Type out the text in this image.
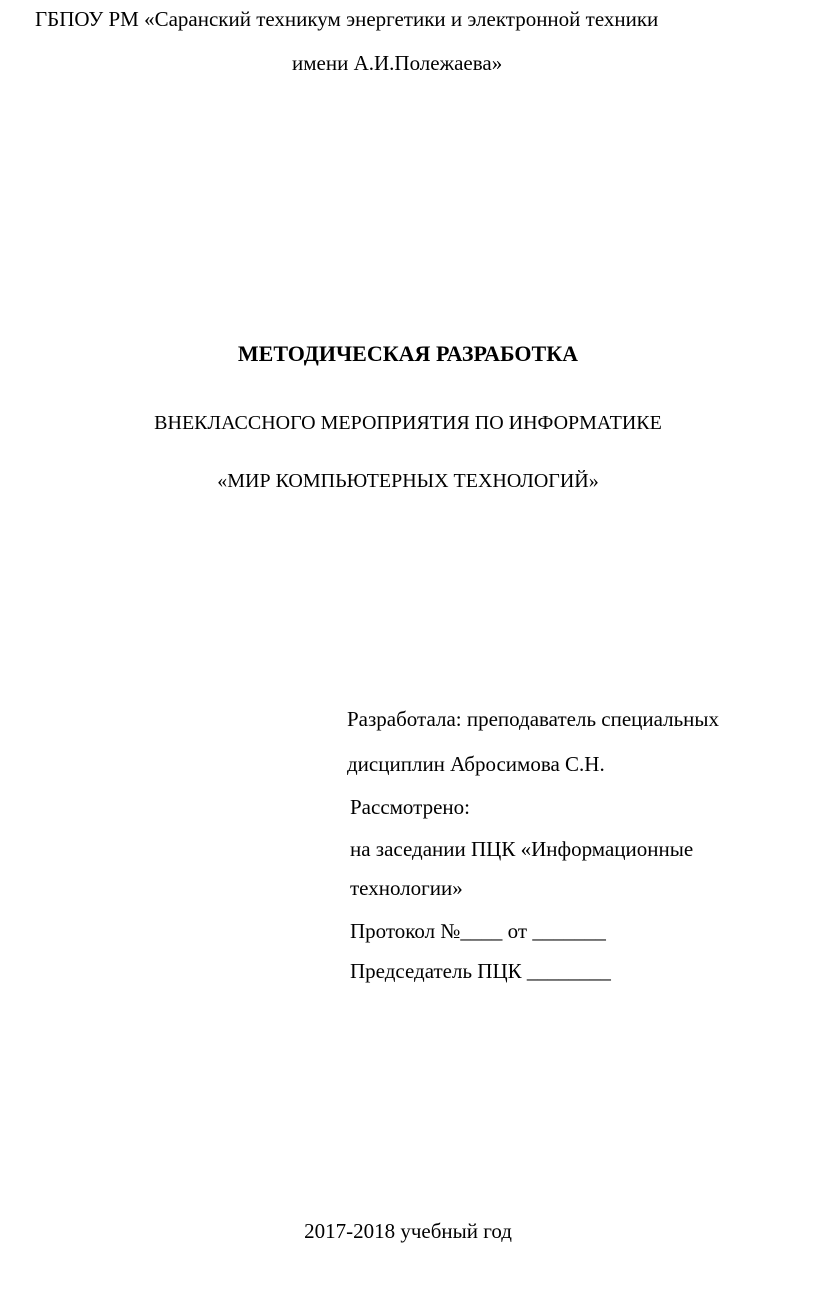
ГБПОУ РМ «Саранский техникум энергетики и электронной техники
имени А.И.Полежаева»
МЕТОДИЧЕСКАЯ РАЗРАБОТКА
ВНЕКЛАССНОГО МЕРОПРИЯТИЯ ПО ИНФОРМАТИКЕ
«МИР КОМПЬЮТЕРНЫХ ТЕХНОЛОГИЙ»
Разработала: преподаватель специальных
дисциплин Абросимова С.Н.
Рассмотрено:
на заседании ПЦК «Информационные
технологии»
Протокол №____ от _______
Председатель ПЦК ________
2017-2018 учебный год
